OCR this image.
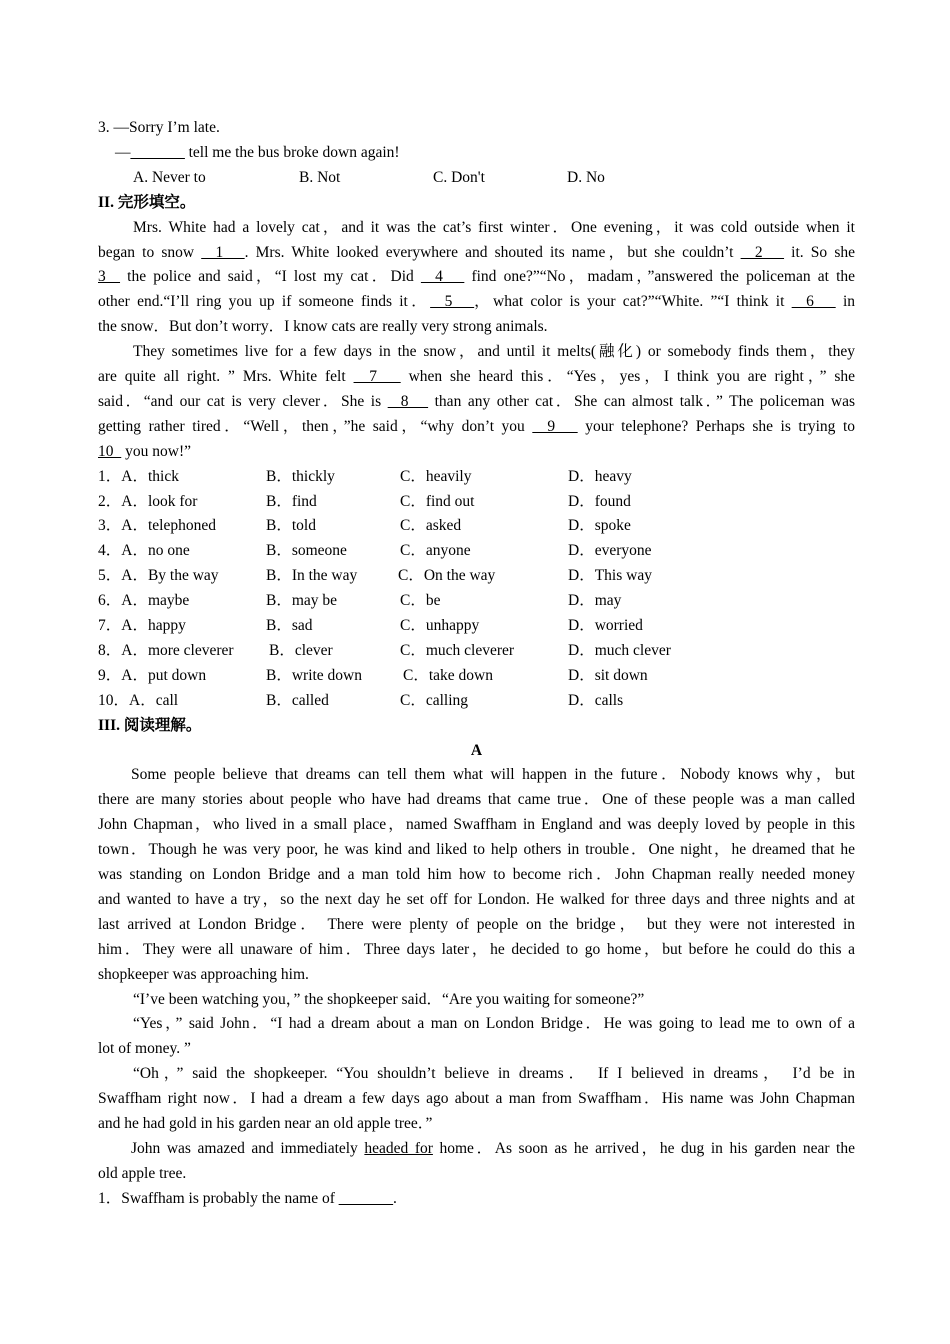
3. —Sorry I’m late.
—_______ tell me the bus broke down again!
A. Never to	B. Not	C. Don't	D. No
II. 完形填空。
Mrs. White had a lovely cat，and it was the cat’s first winter．One evening，it was cold outside when it
began to snow   1   . Mrs. White looked everywhere and shouted its name，but she couldn’t   2    it. So she
3   the police and said，“I lost my cat．Did   4    find one?”“No，madam，”answered the policeman at the
other end.“I’ll ring you up if someone finds it．  5   ，what color is your cat?”“White. ”“I think it   6    in
the snow．But don’t worry．I know cats are really very strong animals.
They sometimes live for a few days in the snow，and until it melts(融化) or somebody finds them，they
are quite all right. ” Mrs. White felt   7    when she heard this．“Yes，yes，I think you are right，” she
said．“and our cat is very clever．She is   8    than any other cat．She can almost talk．” The policeman was
getting rather tired．“Well，then，”he said，“why don’t you   9    your telephone? Perhaps she is trying to
10   you now!”
1．A．thick	B．thickly	C．heavily	D．heavy
2．A．look for	B．find	C．find out	D．found
3．A．telephoned	B．told	C．asked	D．spoke
4．A．no one	B．someone	C．anyone	D．everyone
5．A．By the way	B．In the way	C．On the way	D．This way
6．A．maybe	B．may be	C．be	D．may
7．A．happy	B．sad	C．unhappy	D．worried
8．A．more cleverer B．clever	C．much cleverer	D．much clever
9．A．put down	B．write down	C．take down	D．sit down
10．A．call	B．called	C．calling	D．calls
III. 阅读理解。
A
Some people believe that dreams can tell them what will happen in the future．Nobody knows why，but
there are many stories about people who have had dreams that came true．One of these people was a man called
John Chapman，who lived in a small place，named Swaffham in England and was deeply loved by people in this
town．Though he was very poor, he was kind and liked to help others in trouble．One night，he dreamed that he
was standing on London Bridge and a man told him how to become rich．John Chapman really needed money
and wanted to have a try，so the next day he set off for London. He walked for three days and three nights and at
last arrived at London Bridge． There were plenty of people on the bridge， but they were not interested in
him．They were all unaware of him．Three days later，he decided to go home，but before he could do this a
shopkeeper was approaching him.
“I’ve been watching you，” the shopkeeper said．“Are you waiting for someone?”
“Yes，” said John．“I had a dream about a man on London Bridge．He was going to lead me to own of a
lot of money. ”
“Oh，” said the shopkeeper. “You shouldn’t believe in dreams． If I believed in dreams， I’d be in
Swaffham right now．I had a dream a few days ago about a man from Swaffham．His name was John Chapman
and he had gold in his garden near an old apple tree．”
John was amazed and immediately headed for home．As soon as he arrived，he dug in his garden near the
old apple tree.
1．Swaffham is probably the name of _______.
